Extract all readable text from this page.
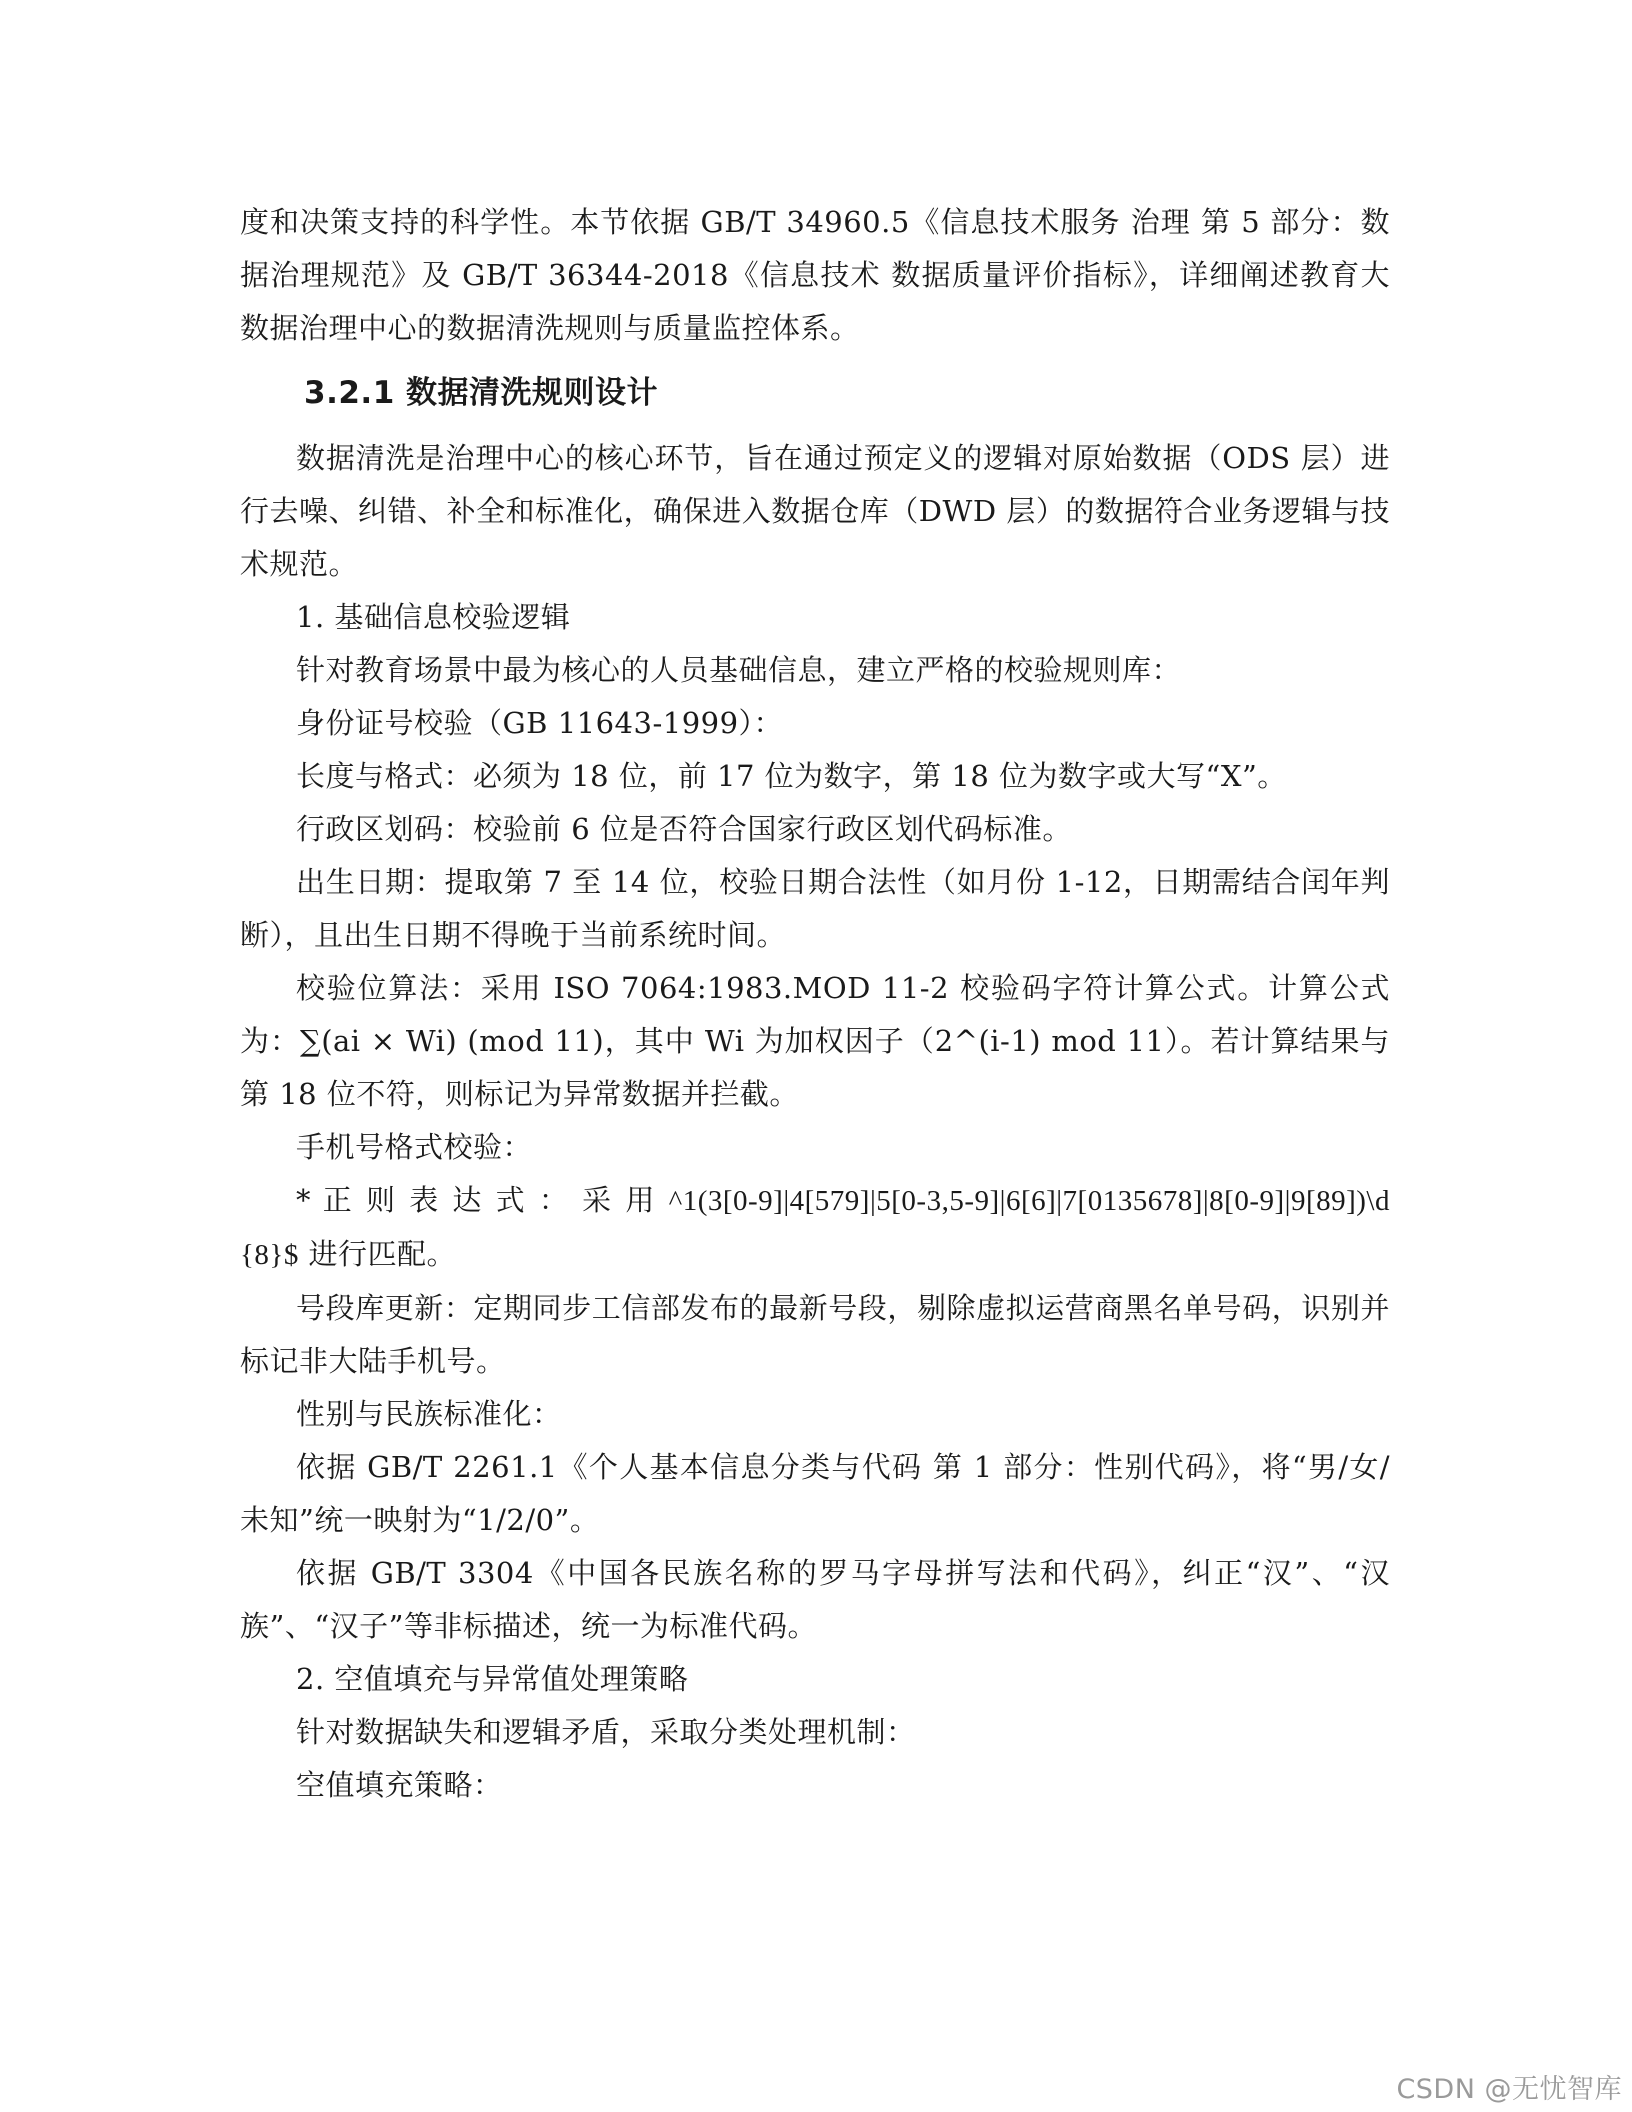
度和决策支持的科学性。本节依据 GB/T 34960.5《信息技术服务 治理 第 5 部分：数据治理规范》及 GB/T 36344-2018《信息技术 数据质量评价指标》，详细阐述教育大数据治理中心的数据清洗规则与质量监控体系。

3.2.1 数据清洗规则设计

数据清洗是治理中心的核心环节，旨在通过预定义的逻辑对原始数据（ODS 层）进行去噪、纠错、补全和标准化，确保进入数据仓库（DWD 层）的数据符合业务逻辑与技术规范。

1. 基础信息校验逻辑

针对教育场景中最为核心的人员基础信息，建立严格的校验规则库：

身份证号校验（GB 11643-1999）：

长度与格式：必须为 18 位，前 17 位为数字，第 18 位为数字或大写“X”。

行政区划码：校验前 6 位是否符合国家行政区划代码标准。

出生日期：提取第 7 至 14 位，校验日期合法性（如月份 1-12，日期需结合闰年判断），且出生日期不得晚于当前系统时间。

校验位算法：采用 ISO 7064:1983.MOD 11-2 校验码字符计算公式。计算公式为：∑(ai × Wi) (mod 11)，其中 Wi 为加权因子（2^(i-1) mod 11）。若计算结果与第 18 位不符，则标记为异常数据并拦截。

手机号格式校验：

* 正 则 表 达 式 ： 采 用 ^1(3[0-9]|4[579]|5[0-3,5-9]|6[6]|7[0135678]|8[0-9]|9[89])\d{8}$ 进行匹配。

号段库更新：定期同步工信部发布的最新号段，剔除虚拟运营商黑名单号码，识别并标记非大陆手机号。

性别与民族标准化：

依据 GB/T 2261.1《个人基本信息分类与代码 第 1 部分：性别代码》，将“男/女/未知”统一映射为“1/2/0”。

依据 GB/T 3304《中国各民族名称的罗马字母拼写法和代码》，纠正“汉”、“汉族”、“汉子”等非标描述，统一为标准代码。

2. 空值填充与异常值处理策略

针对数据缺失和逻辑矛盾，采取分类处理机制：

空值填充策略：

CSDN @无忧智库
